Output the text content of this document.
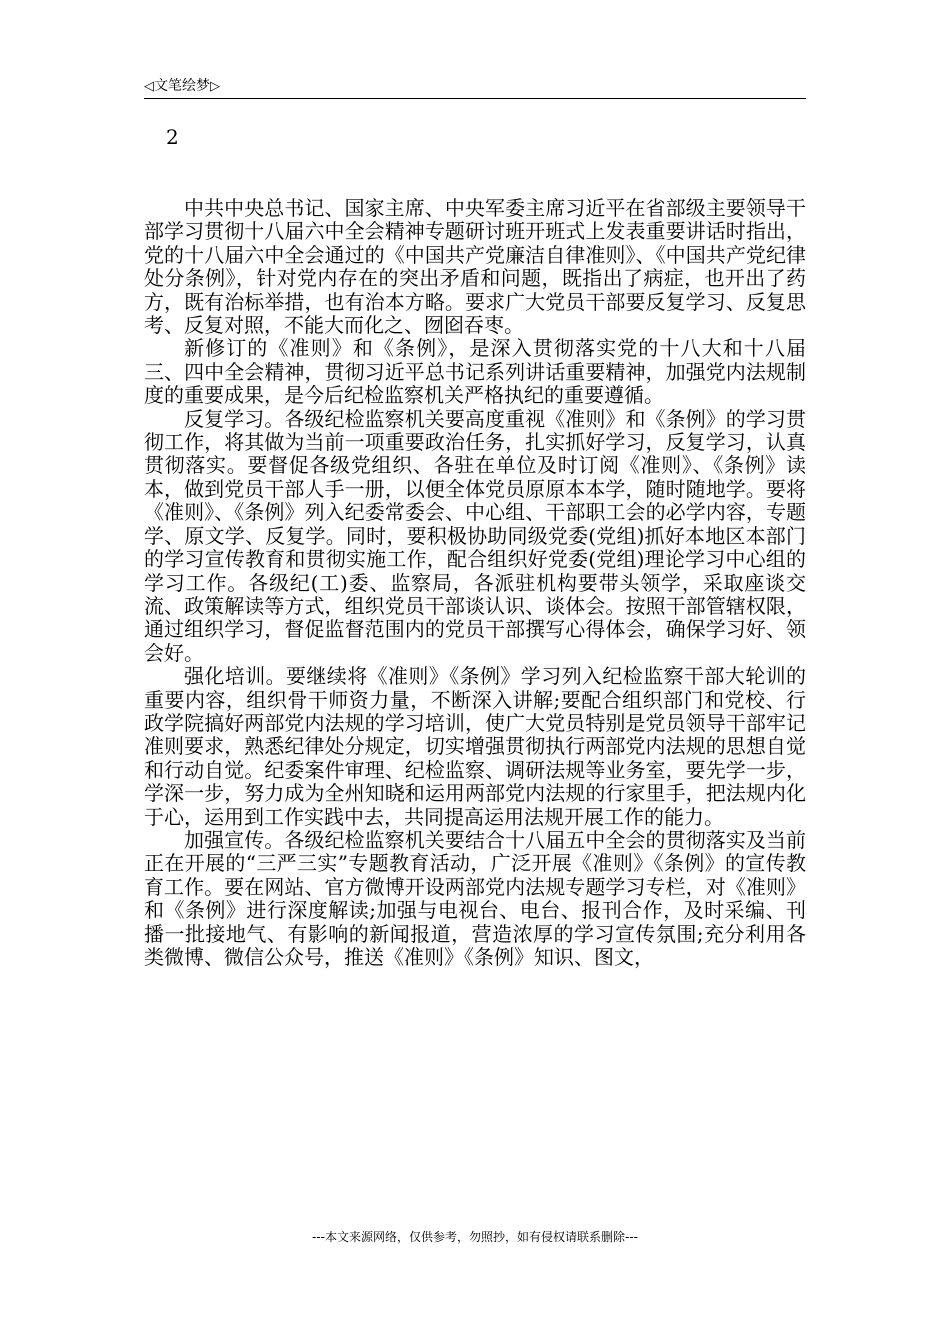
◁文笔绘梦▷
2

中共中央总书记、国家主席、中央军委主席习近平在省部级主要领导干部学习贯彻十八届六中全会精神专题研讨班开班式上发表重要讲话时指出，党的十八届六中全会通过的《中国共产党廉洁自律准则》、《中国共产党纪律处分条例》，针对党内存在的突出矛盾和问题，既指出了病症，也开出了药方，既有治标举措，也有治本方略。要求广大党员干部要反复学习、反复思考、反复对照，不能大而化之、囫囵吞枣。

新修订的《准则》和《条例》，是深入贯彻落实党的十八大和十八届三、四中全会精神，贯彻习近平总书记系列讲话重要精神，加强党内法规制度的重要成果，是今后纪检监察机关严格执纪的重要遵循。

反复学习。各级纪检监察机关要高度重视《准则》和《条例》的学习贯彻工作，将其做为当前一项重要政治任务，扎实抓好学习，反复学习，认真贯彻落实。要督促各级党组织、各驻在单位及时订阅《准则》、《条例》读本，做到党员干部人手一册，以便全体党员原原本本学，随时随地学。要将《准则》、《条例》列入纪委常委会、中心组、干部职工会的必学内容，专题学、原文学、反复学。同时，要积极协助同级党委(党组)抓好本地区本部门的学习宣传教育和贯彻实施工作，配合组织好党委(党组)理论学习中心组的学习工作。各级纪(工)委、监察局，各派驻机构要带头领学，采取座谈交流、政策解读等方式，组织党员干部谈认识、谈体会。按照干部管辖权限，通过组织学习，督促监督范围内的党员干部撰写心得体会，确保学习好、领会好。

强化培训。要继续将《准则》《条例》学习列入纪检监察干部大轮训的重要内容，组织骨干师资力量，不断深入讲解;要配合组织部门和党校、行政学院搞好两部党内法规的学习培训，使广大党员特别是党员领导干部牢记准则要求，熟悉纪律处分规定，切实增强贯彻执行两部党内法规的思想自觉和行动自觉。纪委案件审理、纪检监察、调研法规等业务室，要先学一步，学深一步，努力成为全州知晓和运用两部党内法规的行家里手，把法规内化于心，运用到工作实践中去，共同提高运用法规开展工作的能力。

加强宣传。各级纪检监察机关要结合十八届五中全会的贯彻落实及当前正在开展的“三严三实”专题教育活动，广泛开展《准则》《条例》的宣传教育工作。要在网站、官方微博开设两部党内法规专题学习专栏，对《准则》和《条例》进行深度解读;加强与电视台、电台、报刊合作，及时采编、刊播一批接地气、有影响的新闻报道，营造浓厚的学习宣传氛围;充分利用各类微博、微信公众号，推送《准则》《条例》知识、图文，

---本文来源网络，仅供参考，勿照抄，如有侵权请联系删除---
